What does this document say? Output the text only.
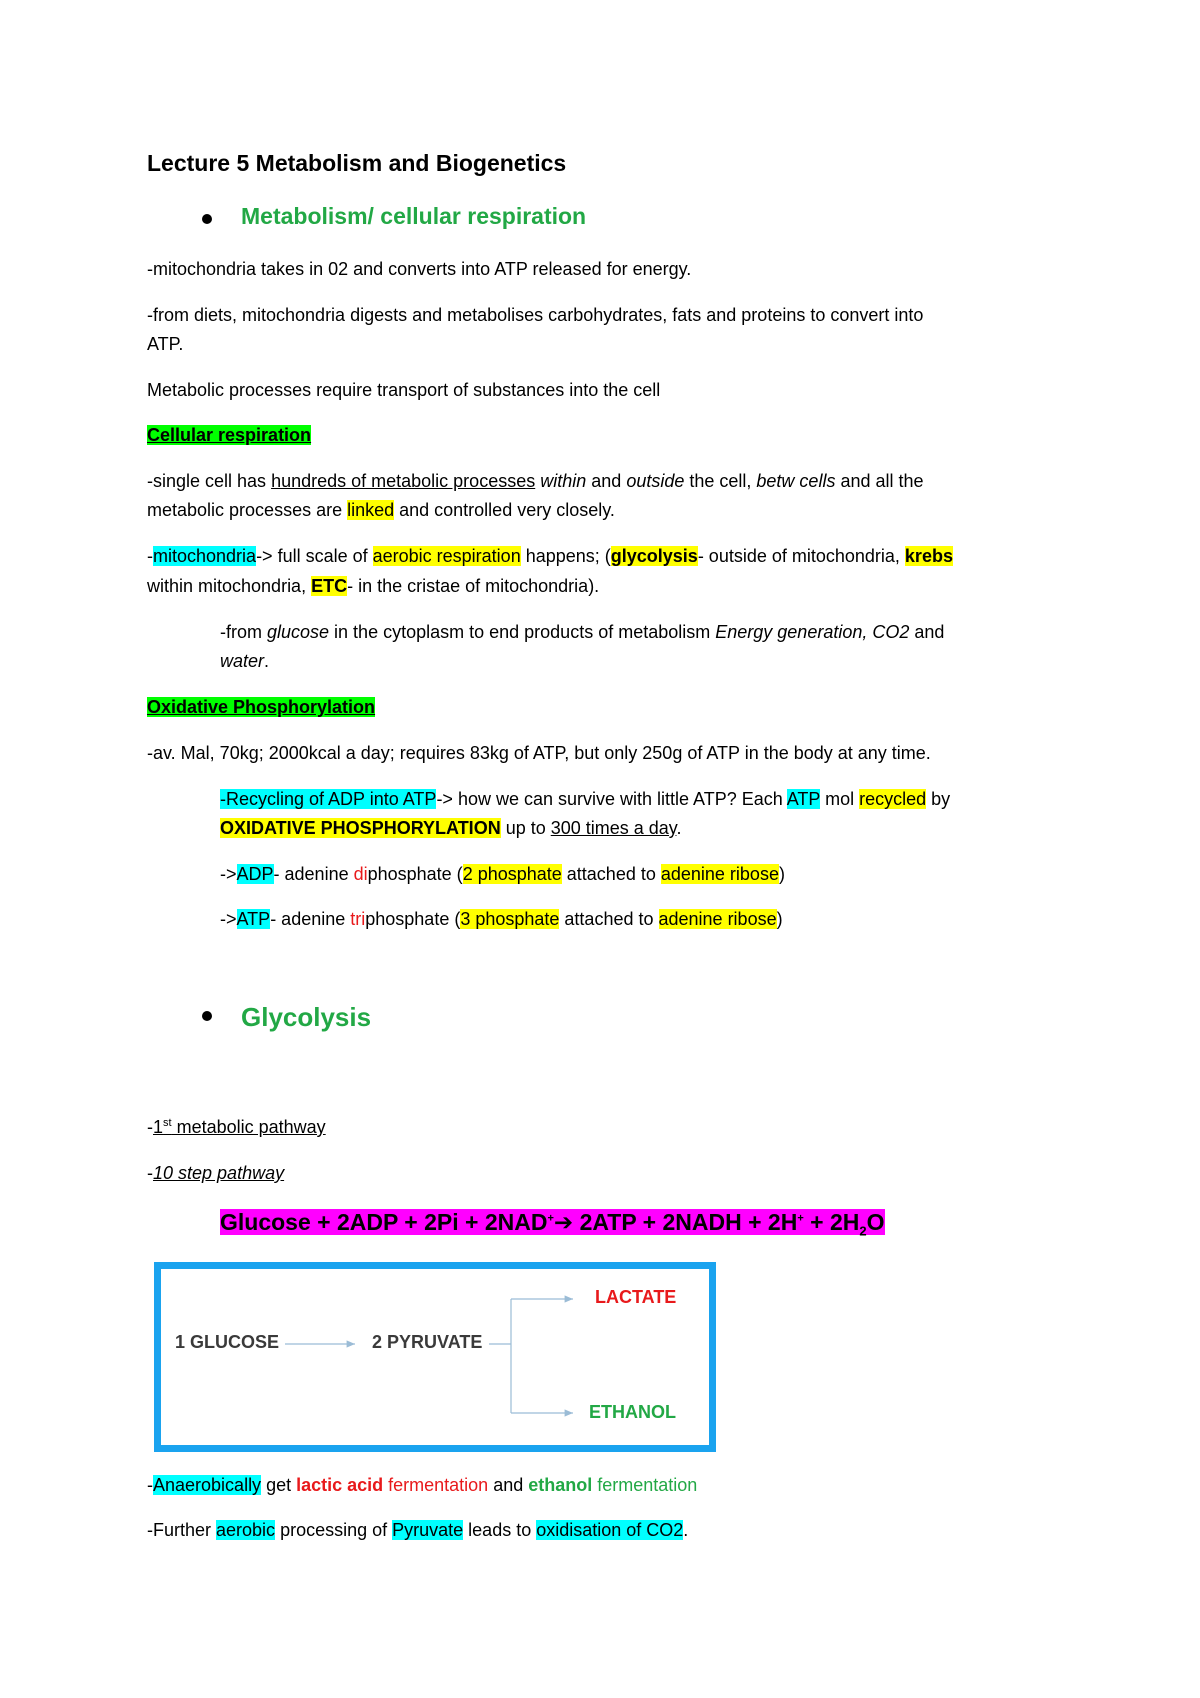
Lecture 5 Metabolism and Biogenetics
Metabolism/ cellular respiration
-mitochondria takes in 02 and converts into ATP released for energy.
-from diets, mitochondria digests and metabolises carbohydrates, fats and proteins to convert into
ATP.
Metabolic processes require transport of substances into the cell
Cellular respiration
-single cell has hundreds of metabolic processes within and outside the cell, betw cells and all the
metabolic processes are linked and controlled very closely.
-mitochondria-> full scale of aerobic respiration happens; (glycolysis- outside of mitochondria, krebs
within mitochondria, ETC- in the cristae of mitochondria).
-from glucose in the cytoplasm to end products of metabolism Energy generation, CO2 and
water.
Oxidative Phosphorylation
-av. Mal, 70kg; 2000kcal a day; requires 83kg of ATP, but only 250g of ATP in the body at any time.
-Recycling of ADP into ATP-> how we can survive with little ATP? Each ATP mol recycled by
OXIDATIVE PHOSPHORYLATION up to 300 times a day.
->ADP- adenine diphosphate (2 phosphate attached to adenine ribose)
->ATP- adenine triphosphate (3 phosphate attached to adenine ribose)
Glycolysis
-1st metabolic pathway
-10 step pathway
Glucose + 2ADP + 2Pi + 2NAD+➔ 2ATP + 2NADH + $2H^+ + 2H_2O$
1 GLUCOSE	2 PYRUVATE
LACTATE
ETHANOL
-Anaerobically get lactic acid fermentation and ethanol fermentation
-Further aerobic processing of Pyruvate leads to oxidisation of CO2.
